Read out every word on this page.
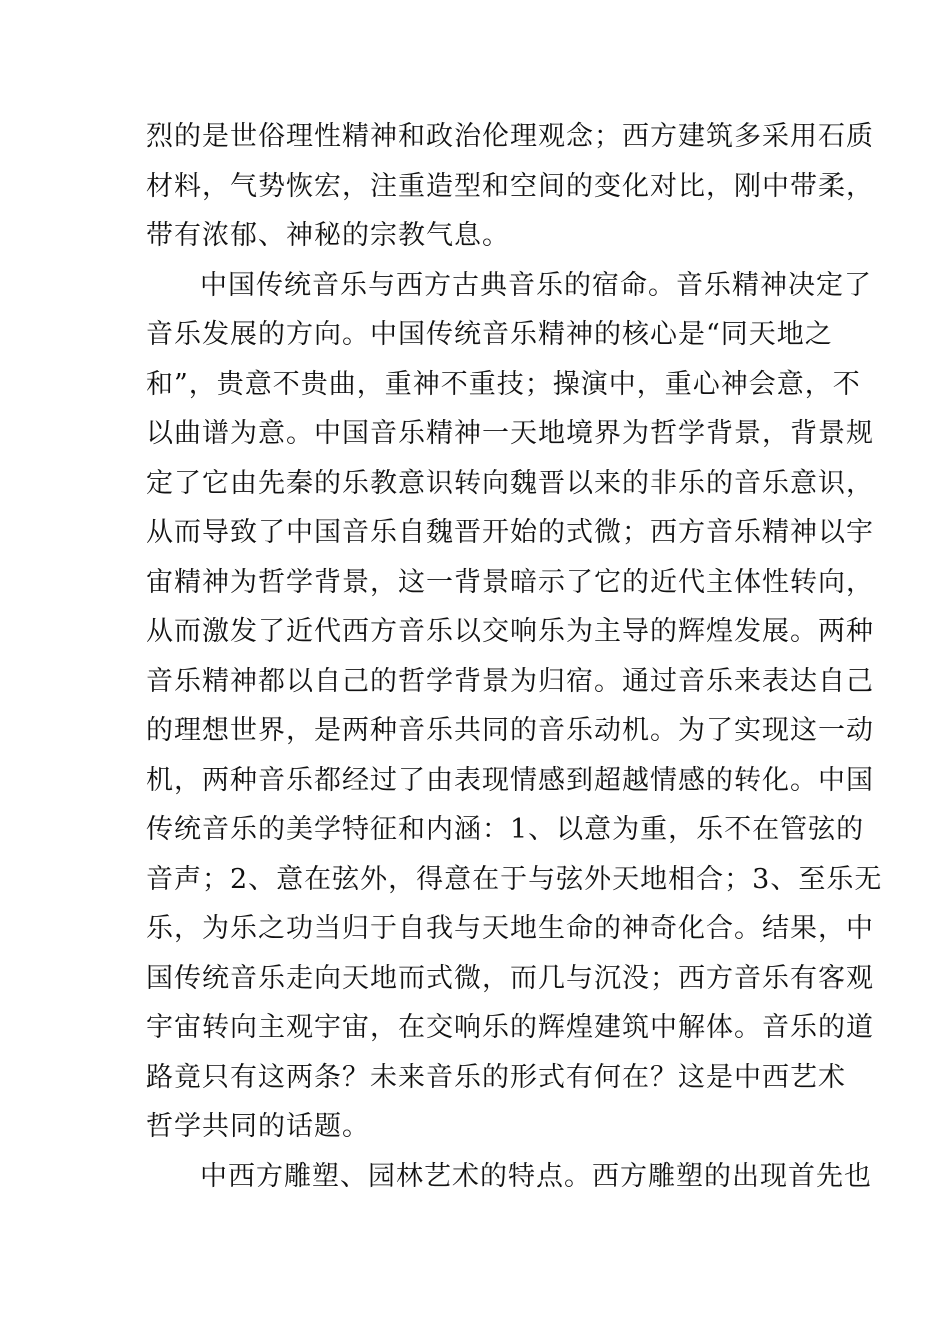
烈的是世俗理性精神和政治伦理观念；西方建筑多采用石质
材料，气势恢宏，注重造型和空间的变化对比，刚中带柔，
带有浓郁、神秘的宗教气息。
中国传统音乐与西方古典音乐的宿命。音乐精神决定了
音乐发展的方向。中国传统音乐精神的核心是“同天地之
和”，贵意不贵曲，重神不重技；操演中，重心神会意，不
以曲谱为意。中国音乐精神一天地境界为哲学背景，背景规
定了它由先秦的乐教意识转向魏晋以来的非乐的音乐意识，
从而导致了中国音乐自魏晋开始的式微；西方音乐精神以宇
宙精神为哲学背景，这一背景暗示了它的近代主体性转向，
从而激发了近代西方音乐以交响乐为主导的辉煌发展。两种
音乐精神都以自己的哲学背景为归宿。通过音乐来表达自己
的理想世界，是两种音乐共同的音乐动机。为了实现这一动
机，两种音乐都经过了由表现情感到超越情感的转化。中国
传统音乐的美学特征和内涵：1、以意为重，乐不在管弦的
音声；2、意在弦外，得意在于与弦外天地相合；3、至乐无
乐，为乐之功当归于自我与天地生命的神奇化合。结果，中
国传统音乐走向天地而式微，而几与沉没；西方音乐有客观
宇宙转向主观宇宙，在交响乐的辉煌建筑中解体。音乐的道
路竟只有这两条？未来音乐的形式有何在？这是中西艺术
哲学共同的话题。
中西方雕塑、园林艺术的特点。西方雕塑的出现首先也
